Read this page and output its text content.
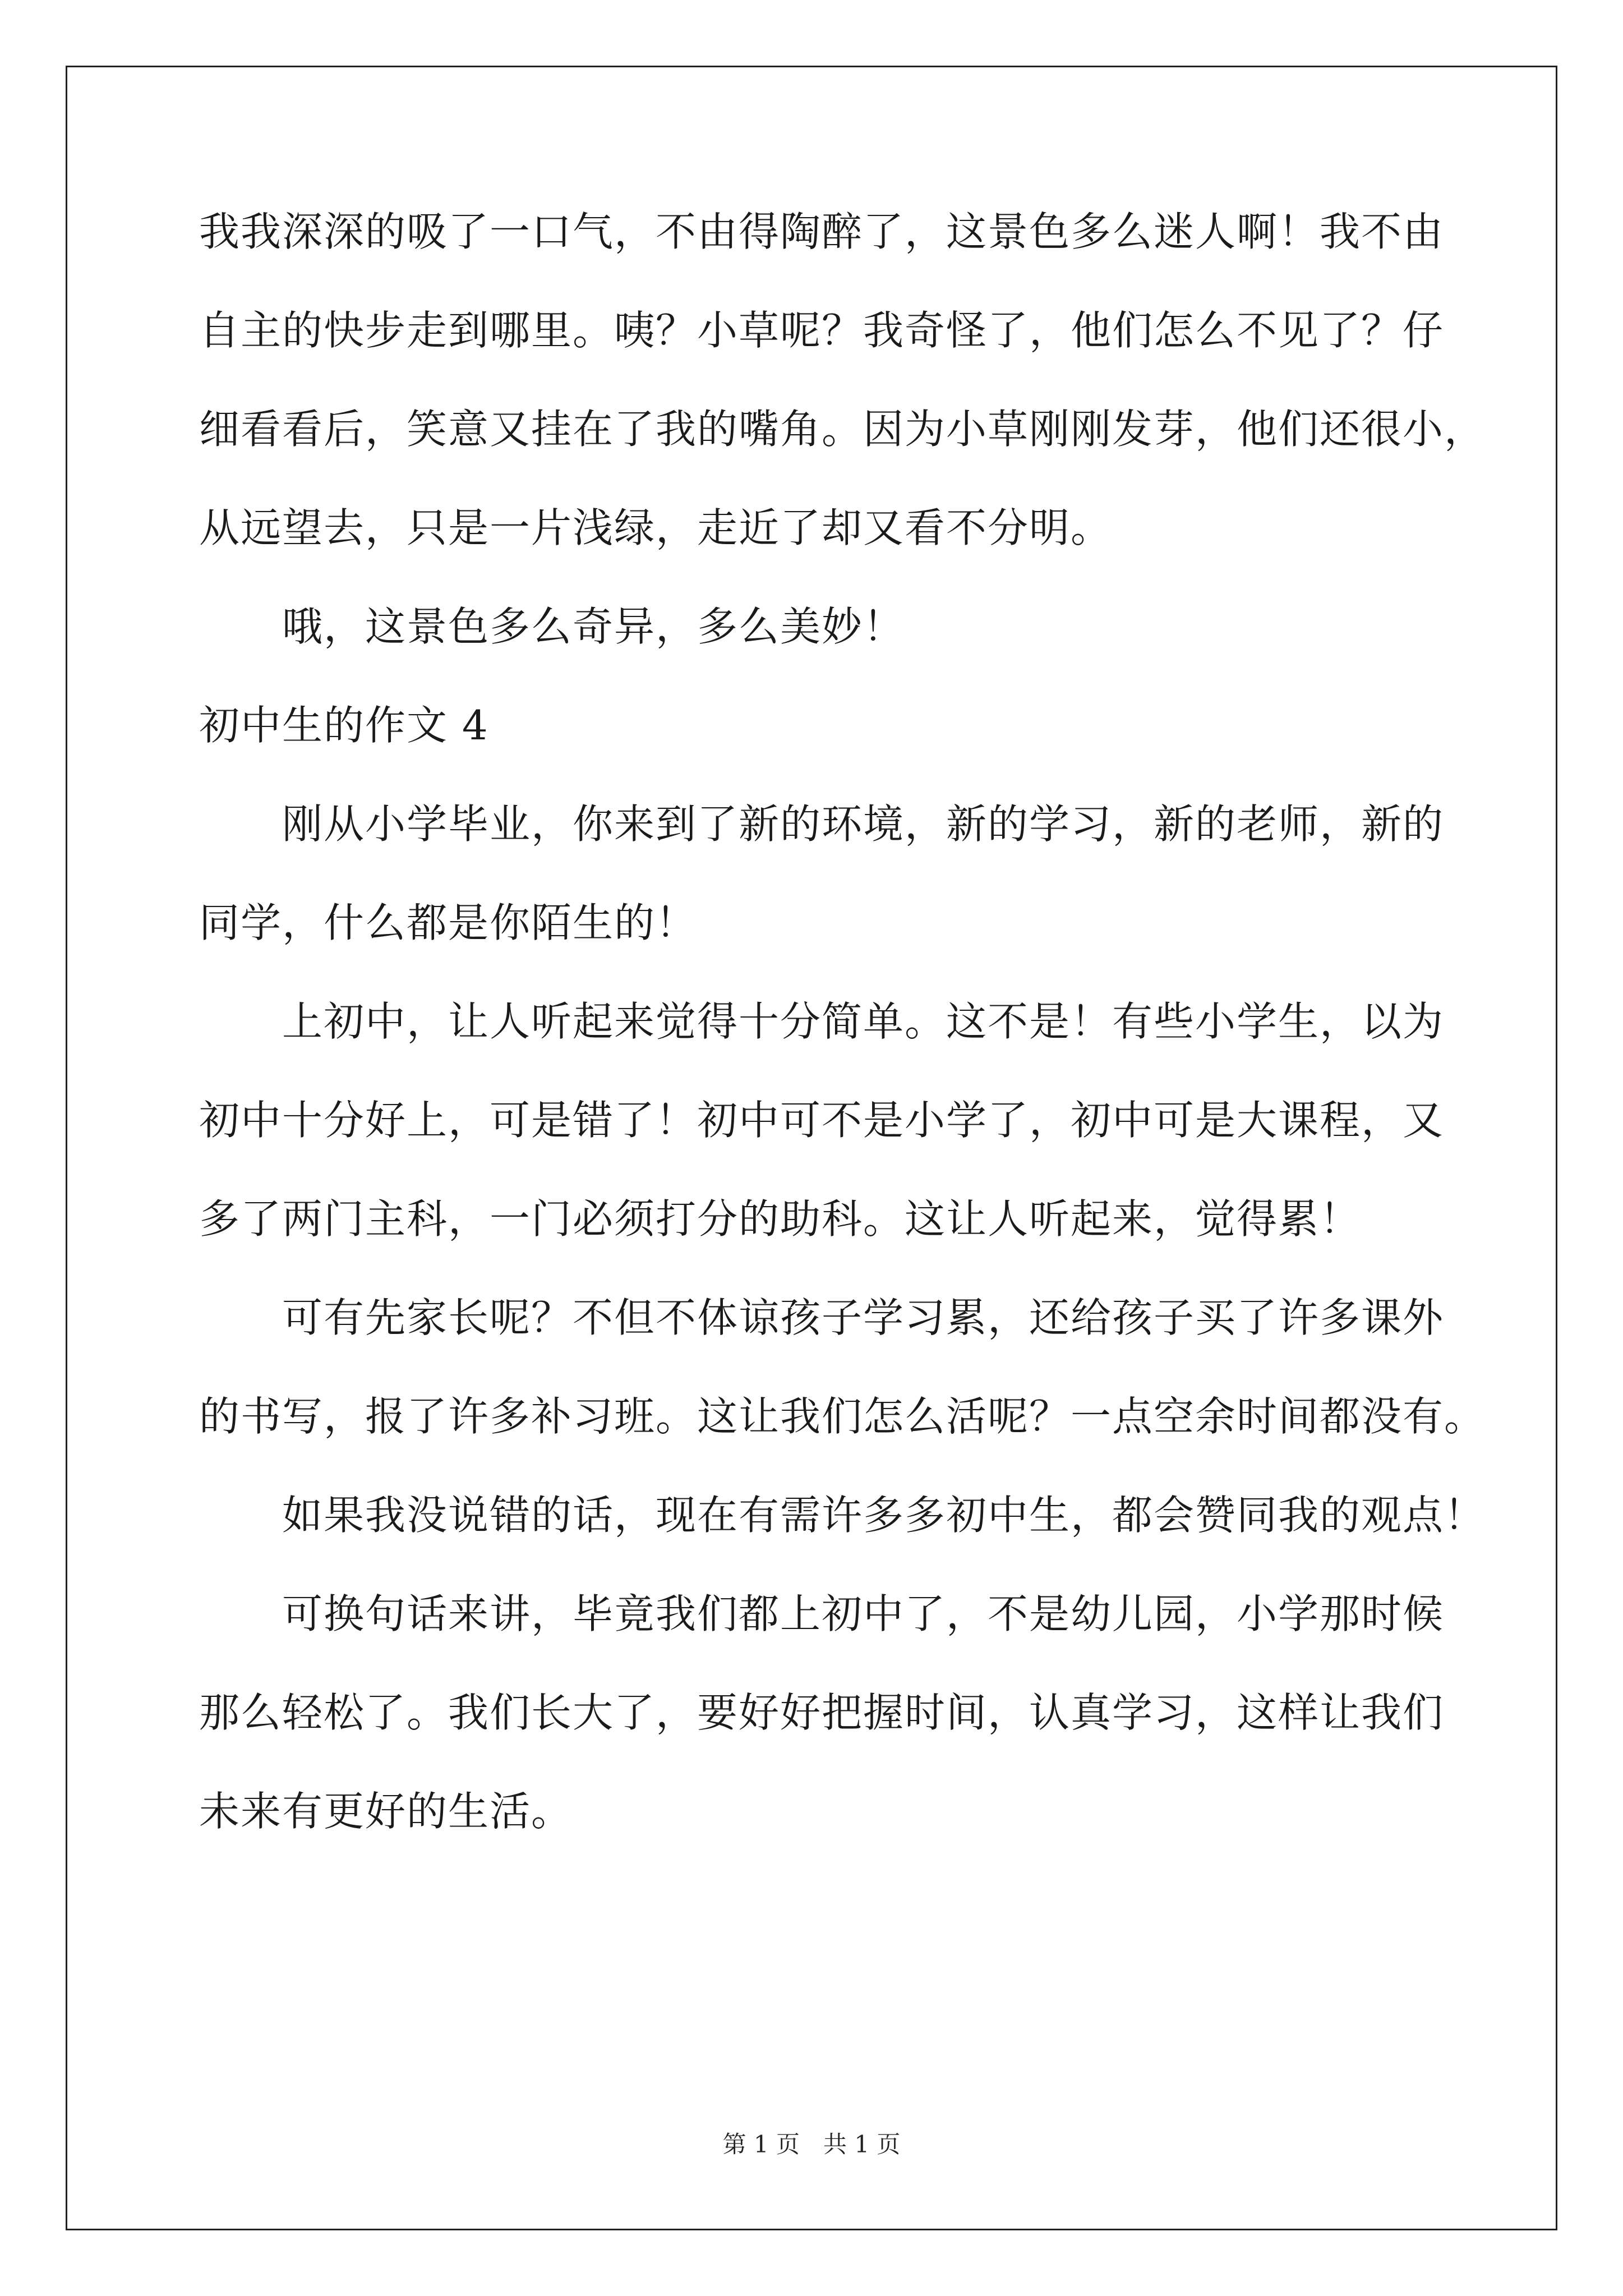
我我深深的吸了一口气，不由得陶醉了，这景色多么迷人啊！我不由
自主的快步走到哪里。咦？小草呢？我奇怪了，他们怎么不见了？仔
细看看后，笑意又挂在了我的嘴角。因为小草刚刚发芽，他们还很小，
从远望去，只是一片浅绿，走近了却又看不分明。
哦，这景色多么奇异，多么美妙！
初中生的作文 4
刚从小学毕业，你来到了新的环境，新的学习，新的老师，新的
同学，什么都是你陌生的！
上初中，让人听起来觉得十分简单。这不是！有些小学生，以为
初中十分好上，可是错了！初中可不是小学了，初中可是大课程，又
多了两门主科，一门必须打分的助科。这让人听起来，觉得累！
可有先家长呢？不但不体谅孩子学习累，还给孩子买了许多课外
的书写，报了许多补习班。这让我们怎么活呢？一点空余时间都没有。
如果我没说错的话，现在有需许多多初中生，都会赞同我的观点！
可换句话来讲，毕竟我们都上初中了，不是幼儿园，小学那时候
那么轻松了。我们长大了，要好好把握时间，认真学习，这样让我们
未来有更好的生活。
第 1 页　共 1 页
